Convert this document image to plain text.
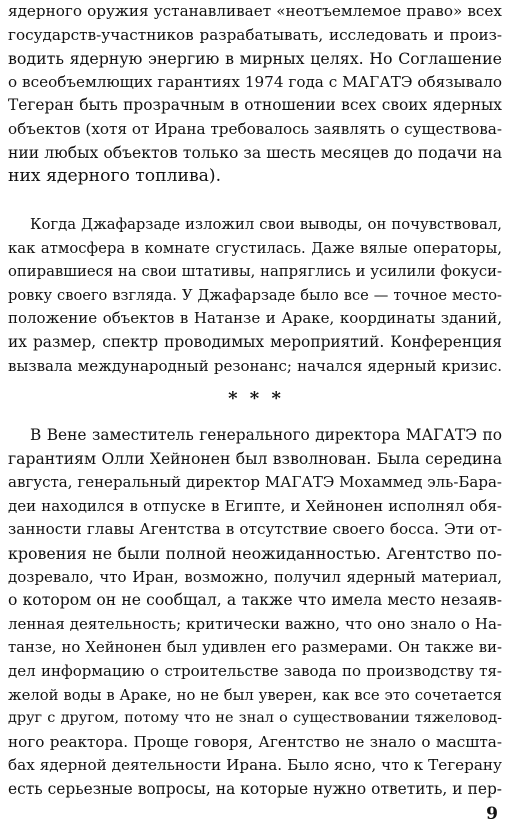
ядерного оружия устанавливает «неотъемлемое право» всех
государств-участников разрабатывать, исследовать и произ-
водить ядерную энергию в мирных целях. Но Соглашение
о всеобъемлющих гарантиях 1974 года с МАГАТЭ обязывало
Тегеран быть прозрачным в отношении всех своих ядерных
объектов (хотя от Ирана требовалось заявлять о существова-
нии любых объектов только за шесть месяцев до подачи на
них ядерного топлива).
Когда Джафарзаде изложил свои выводы, он почувствовал,
как атмосфера в комнате сгустилась. Даже вялые операторы,
опиравшиеся на свои штативы, напряглись и усилили фокуси-
ровку своего взгляда. У Джафарзаде было все — точное место-
положение объектов в Натанзе и Араке, координаты зданий,
их размер, спектр проводимых мероприятий. Конференция
вызвала международный резонанс; начался ядерный кризис.
* * *
В Вене заместитель генерального директора МАГАТЭ по
гарантиям Олли Хейнонен был взволнован. Была середина
августа, генеральный директор МАГАТЭ Мохаммед эль-Бара-
деи находился в отпуске в Египте, и Хейнонен исполнял обя-
занности главы Агентства в отсутствие своего босса. Эти от-
кровения не были полной неожиданностью. Агентство по-
дозревало, что Иран, возможно, получил ядерный материал,
о котором он не сообщал, а также что имела место незаяв-
ленная деятельность; критически важно, что оно знало о На-
танзе, но Хейнонен был удивлен его размерами. Он также ви-
дел информацию о строительстве завода по производству тя-
желой воды в Араке, но не был уверен, как все это сочетается
друг с другом, потому что не знал о существовании тяжеловод-
ного реактора. Проще говоря, Агентство не знало о масшта-
бах ядерной деятельности Ирана. Было ясно, что к Тегерану
есть серьезные вопросы, на которые нужно ответить, и пер-
9
